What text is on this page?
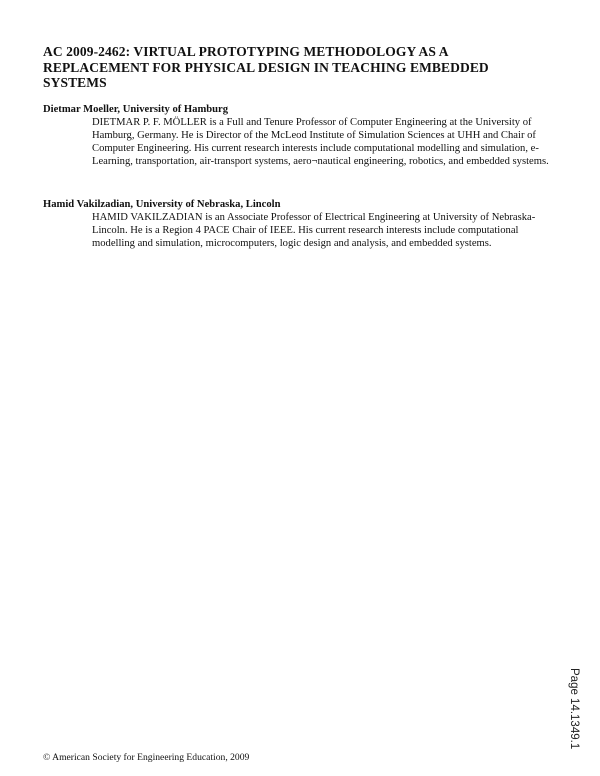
AC 2009-2462: VIRTUAL PROTOTYPING METHODOLOGY AS A REPLACEMENT FOR PHYSICAL DESIGN IN TEACHING EMBEDDED SYSTEMS

Dietmar Moeller, University of Hamburg

DIETMAR P. F. MÖLLER is a Full and Tenure Professor of Computer Engineering at the University of Hamburg, Germany. He is Director of the McLeod Institute of Simulation Sciences at UHH and Chair of Computer Engineering. His current research interests include computational modelling and simulation, e-Learning, transportation, air-transport systems, aero¬nautical engineering, robotics, and embedded systems.

Hamid Vakilzadian, University of Nebraska, Lincoln

HAMID VAKILZADIAN is an Associate Professor of Electrical Engineering at University of Nebraska-Lincoln. He is a Region 4 PACE Chair of IEEE. His current research interests include computational modelling and simulation, microcomputers, logic design and analysis, and embedded systems.

Page 14.1349.1

© American Society for Engineering Education, 2009
